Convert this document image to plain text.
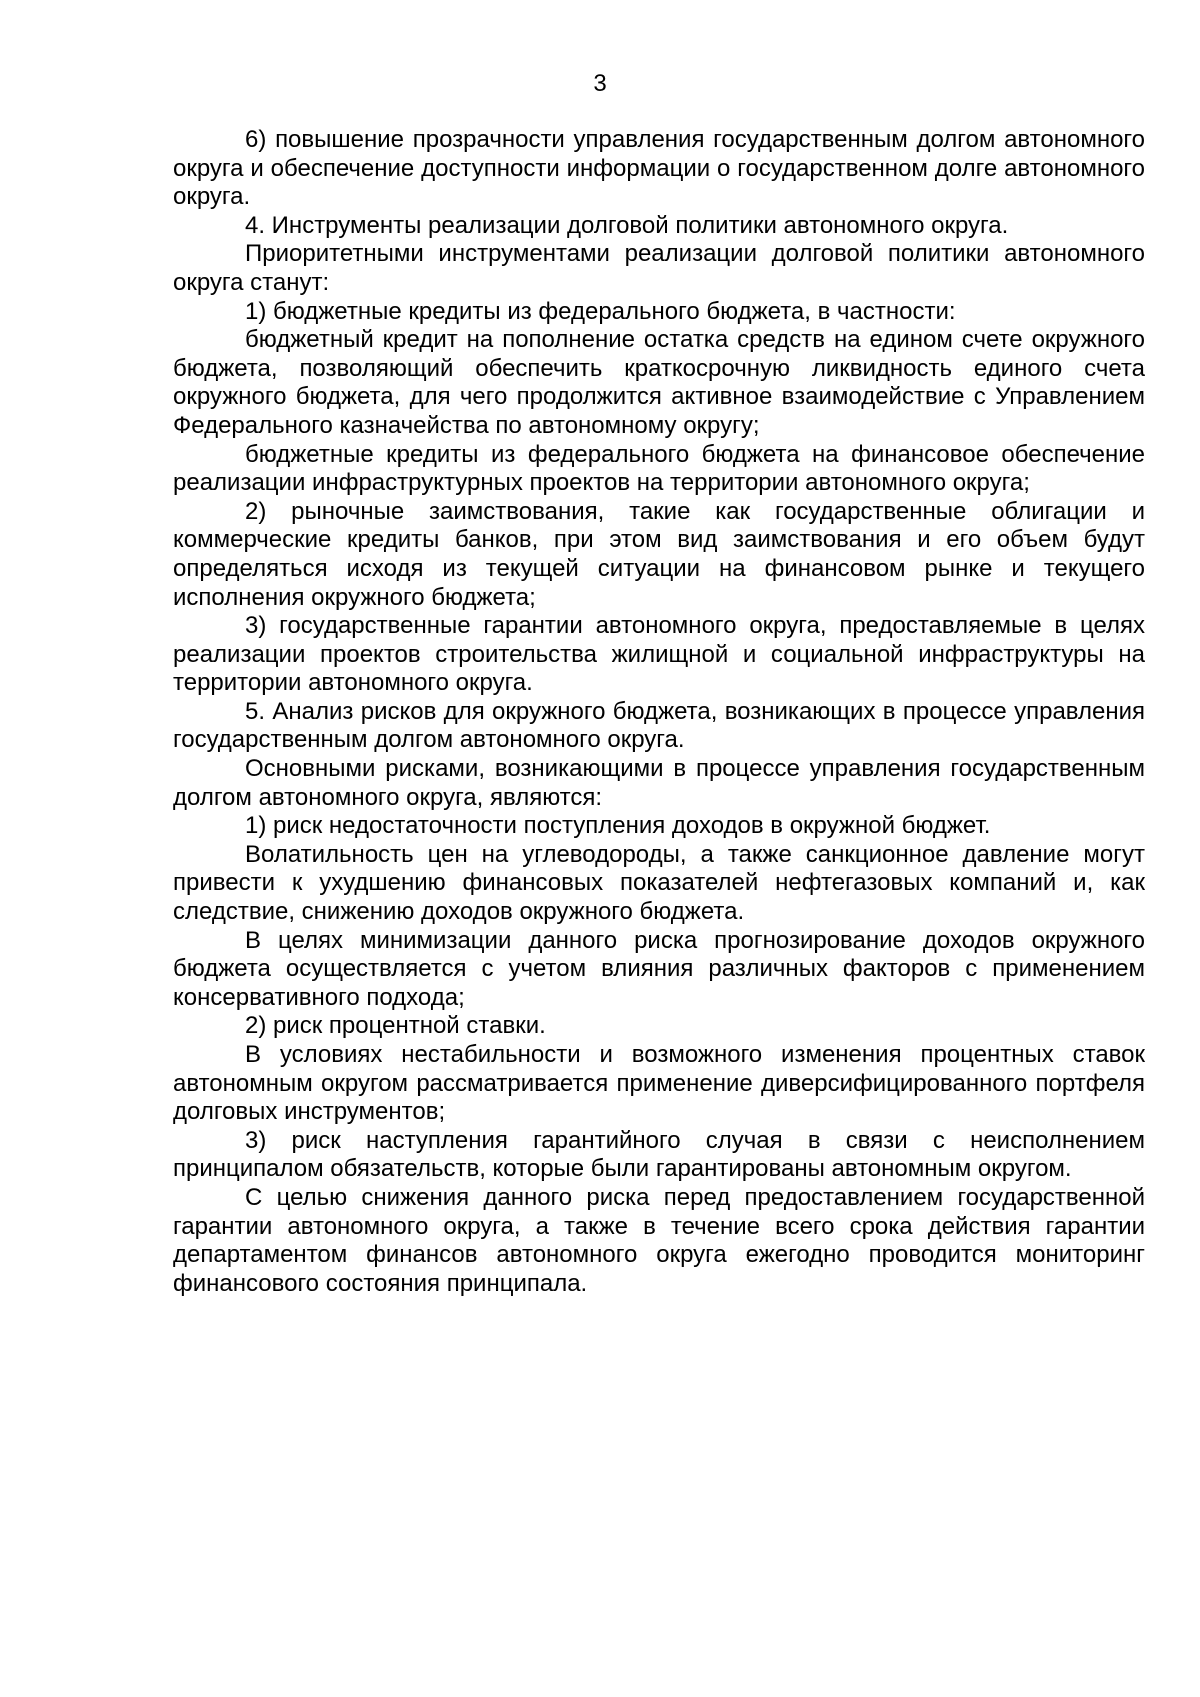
3

6) повышение прозрачности управления государственным долгом автономного округа и обеспечение доступности информации о государственном долге автономного округа.

4. Инструменты реализации долговой политики автономного округа.

Приоритетными инструментами реализации долговой политики автономного округа станут:

1) бюджетные кредиты из федерального бюджета, в частности:

бюджетный кредит на пополнение остатка средств на едином счете окружного бюджета, позволяющий обеспечить краткосрочную ликвидность единого счета окружного бюджета, для чего продолжится активное взаимодействие с Управлением Федерального казначейства по автономному округу;

бюджетные кредиты из федерального бюджета на финансовое обеспечение реализации инфраструктурных проектов на территории автономного округа;

2) рыночные заимствования, такие как государственные облигации и коммерческие кредиты банков, при этом вид заимствования и его объем будут определяться исходя из текущей ситуации на финансовом рынке и текущего исполнения окружного бюджета;

3) государственные гарантии автономного округа, предоставляемые в целях реализации проектов строительства жилищной и социальной инфраструктуры на территории автономного округа.

5. Анализ рисков для окружного бюджета, возникающих в процессе управления государственным долгом автономного округа.

Основными рисками, возникающими в процессе управления государственным долгом автономного округа, являются:

1) риск недостаточности поступления доходов в окружной бюджет.

Волатильность цен на углеводороды, а также санкционное давление могут привести к ухудшению финансовых показателей нефтегазовых компаний и, как следствие, снижению доходов окружного бюджета.

В целях минимизации данного риска прогнозирование доходов окружного бюджета осуществляется с учетом влияния различных факторов с применением консервативного подхода;

2) риск процентной ставки.

В условиях нестабильности и возможного изменения процентных ставок автономным округом рассматривается применение диверсифицированного портфеля долговых инструментов;

3) риск наступления гарантийного случая в связи с неисполнением принципалом обязательств, которые были гарантированы автономным округом.

С целью снижения данного риска перед предоставлением государственной гарантии автономного округа, а также в течение всего срока действия гарантии департаментом финансов автономного округа ежегодно проводится мониторинг финансового состояния принципала.
